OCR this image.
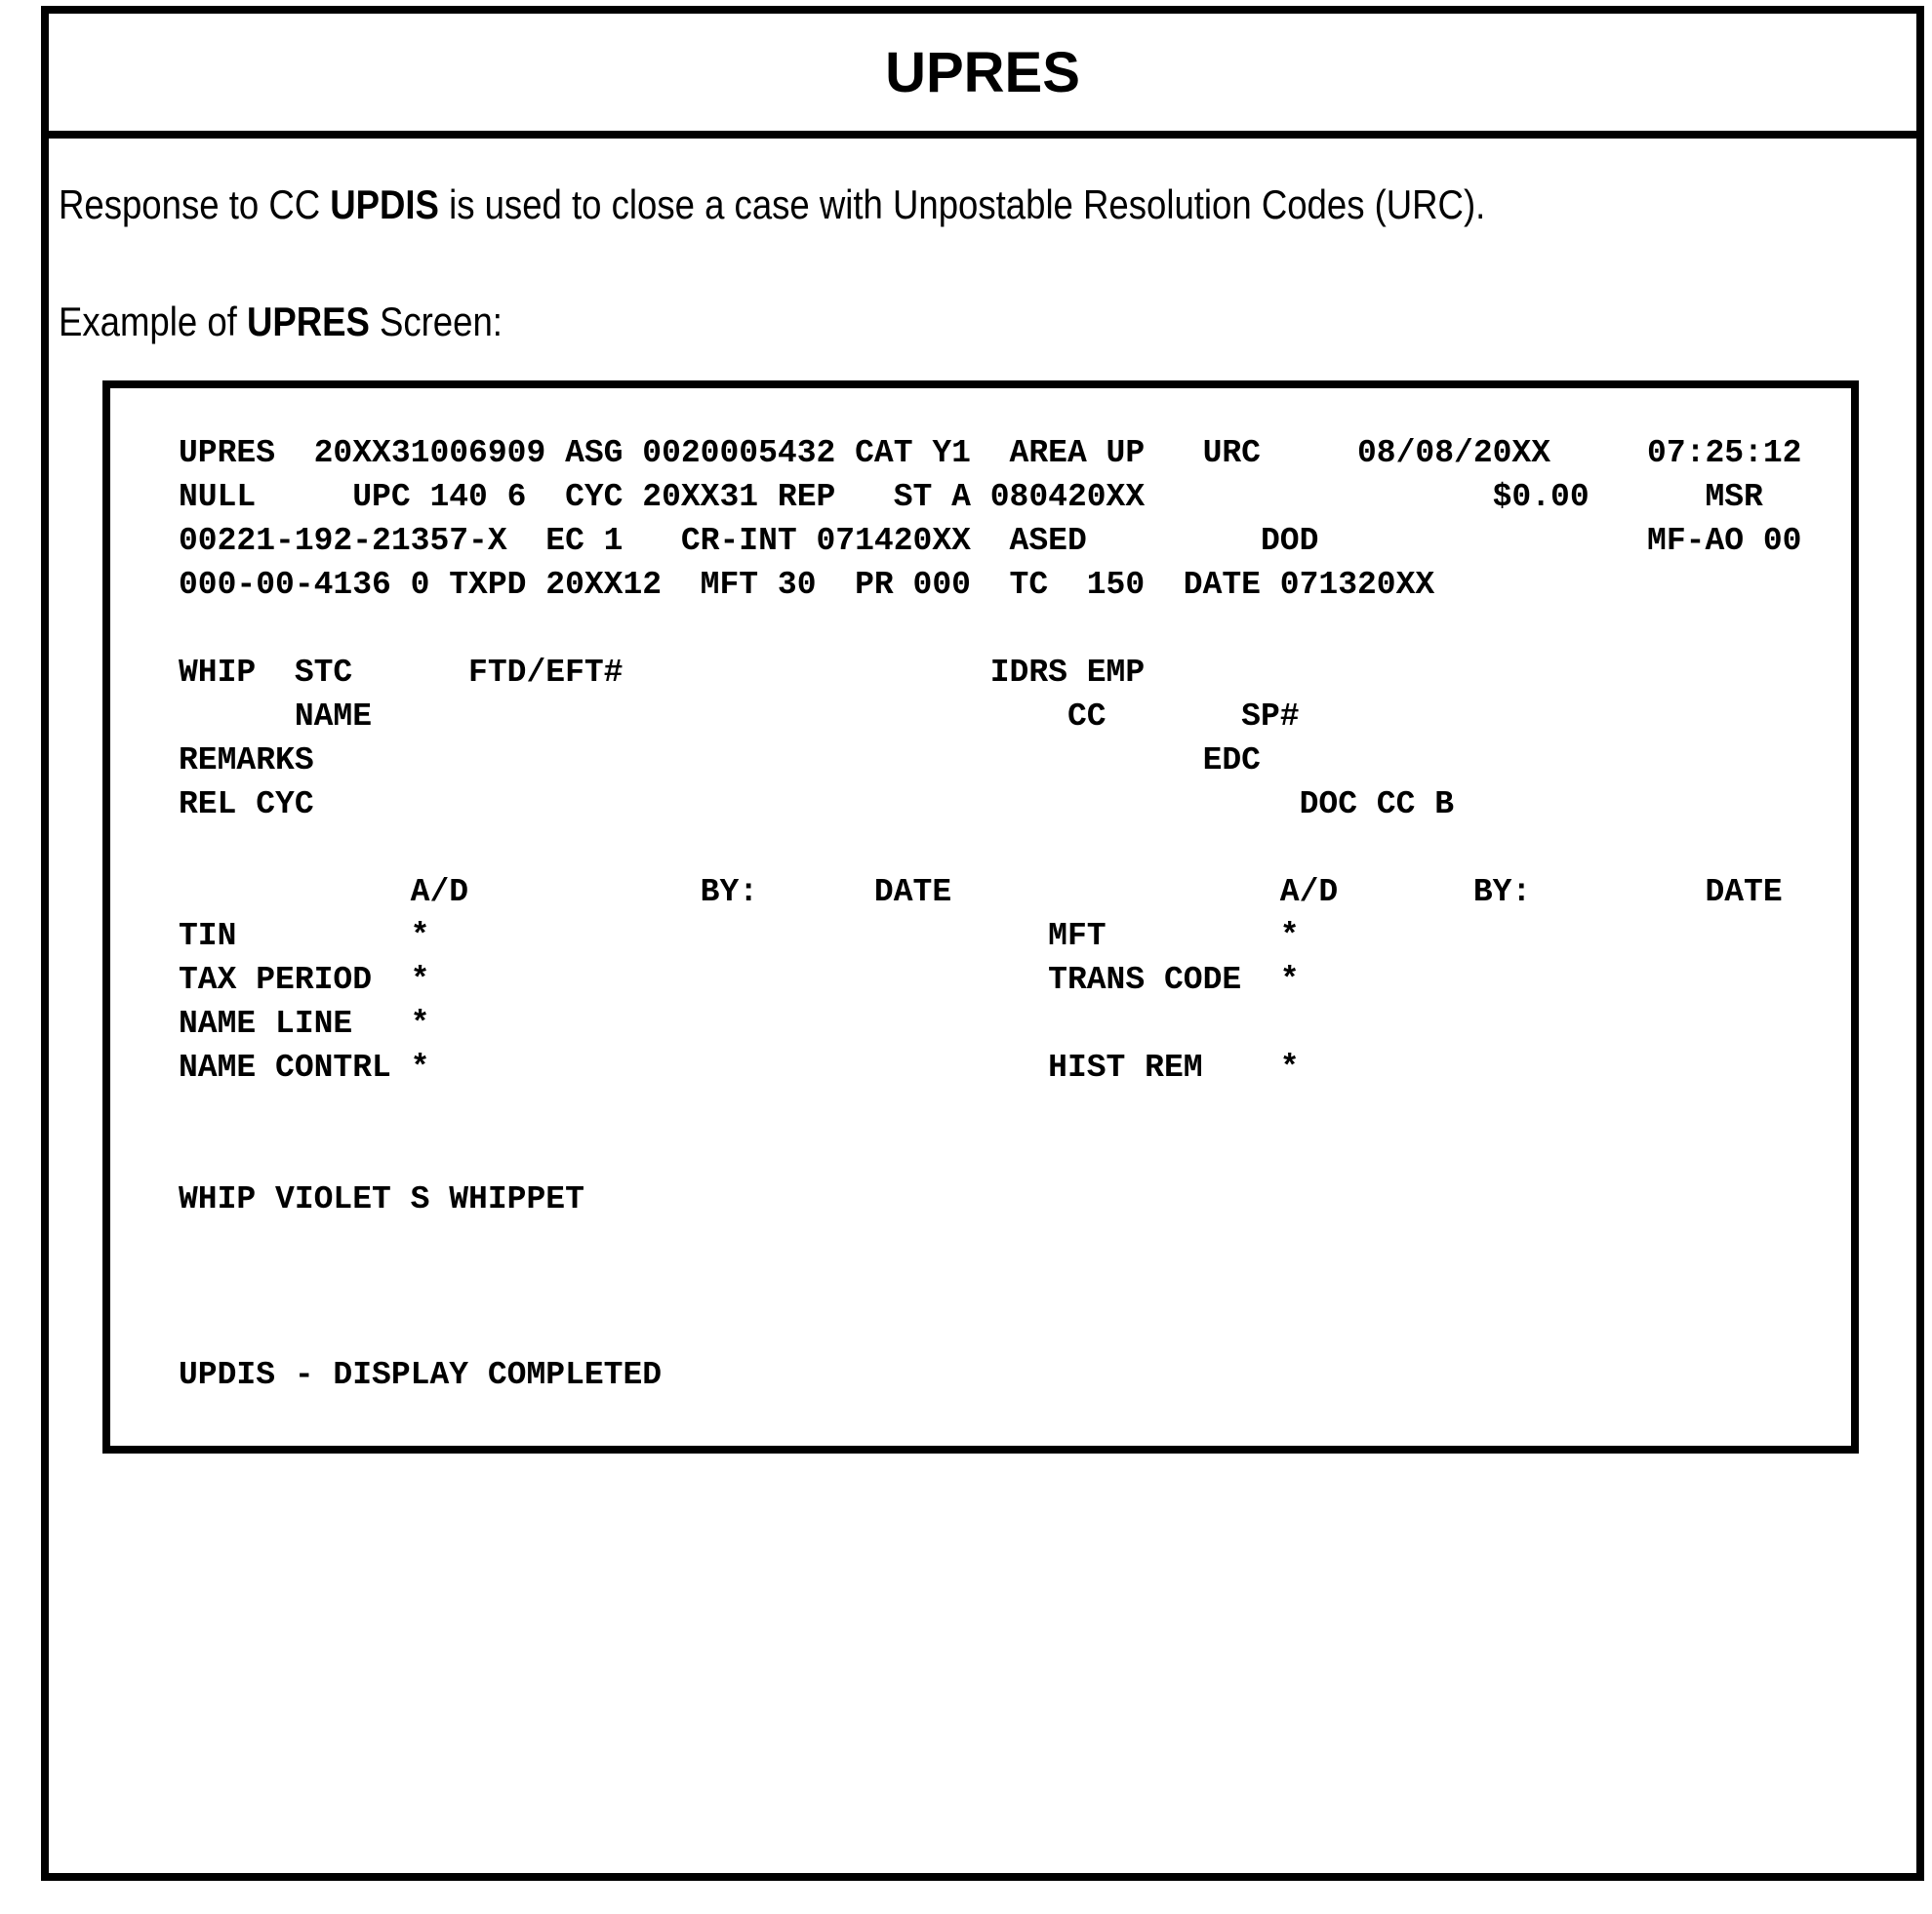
UPRES
Response to CC UPDIS is used to close a case with Unpostable Resolution Codes (URC).
Example of UPRES Screen:
UPRES  20XX31006909 ASG 0020005432 CAT Y1  AREA UP   URC     08/08/20XX     07:25:12
NULL     UPC 140 6  CYC 20XX31 REP   ST A 080420XX                  $0.00      MSR
00221-192-21357-X  EC 1   CR-INT 071420XX  ASED         DOD                 MF-AO 00
000-00-4136 0 TXPD 20XX12  MFT 30  PR 000  TC  150  DATE 071320XX
WHIP  STC      FTD/EFT#                   IDRS EMP
NAME                                    CC       SP#
REMARKS                                              EDC
REL CYC                                                   DOC CC B
A/D            BY:      DATE                 A/D       BY:         DATE
TIN         *                                MFT         *
TAX PERIOD  *                                TRANS CODE  *
NAME LINE   *
NAME CONTRL *                                HIST REM    *
WHIP VIOLET S WHIPPET
UPDIS - DISPLAY COMPLETED
